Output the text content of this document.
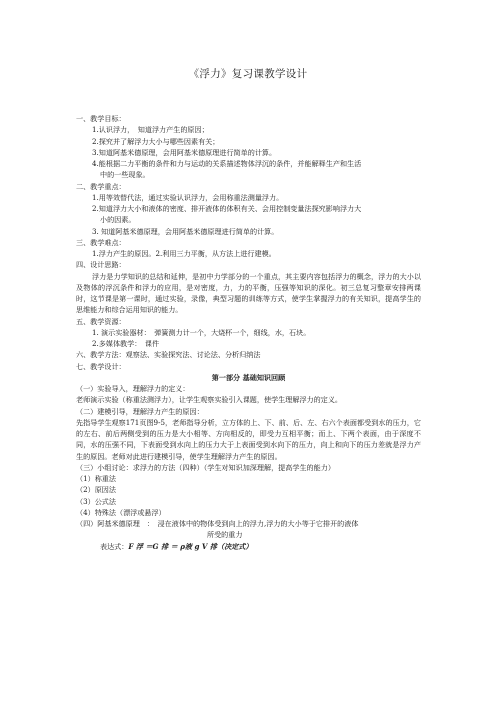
《浮力》复习课教学设计
一、教学目标：
1.认识浮力，　知道浮力产生的原因；
2.探究并了解浮力大小与哪些因素有关；
3.知道阿基米德原理，会用阿基米德原理进行简单的计算。
4.能根据二力平衡的条件和力与运动的关系描述物体浮沉的条件，并能解释生产和生活
中的一些现象。
二、教学重点：
1.用等效替代法，通过实验认识浮力，会用称重法测量浮力。
2.知道浮力大小和液体的密度、排开液体的体积有关、会用控制变量法探究影响浮力大
小的因素。
3. 知道阿基米德原理，会用阿基米德原理进行简单的计算。
三、教学难点：
1.浮力产生的原因。2.利用三力平衡，从方法上进行建模。
四、设计思路：
浮力是力学知识的总结和延伸，是初中力学部分的一个重点，其主要内容包括浮力的概念，浮力的大小以及物体的浮沉条件和浮力的应用，是对密度，力，力的平衡，压强等知识的深化。初三总复习整章安排两课时，这节课是第一课时，通过实验，录像，典型习题的训练等方式，使学生掌握浮力的有关知识，提高学生的思维能力和综合运用知识的能力。
五、教学资源：
1. 演示实验器材：　弹簧测力计一个，大烧杯一个，细线，水，石块。
2.多媒体教学：　课件
六、教学方法：观察法、实验探究法、讨论法、分析归纳法
七、教学设计：
第一部分 基础知识回顾
（一）实验导入，理解浮力的定义：
老师演示实验（称重法测浮力），让学生观察实验引入课题，使学生理解浮力的定义。
（二）建模引导，理解浮力产生的原因：
先指导学生观察171页图9-5，老师指导分析，立方体的上、下、前、后、左、右六个表面都受到水的压力，它的左右、前后两侧受到的压力是大小相等、方向相反的，即受力互相平衡；而上、下两个表面，由于深度不同，水的压强不同，下表面受到水向上的压力大于上表面受到水向下的压力，向上和向下的压力差就是浮力产生的原因。老师对此进行建模引导，使学生理解浮力产生的原因。
（三）小组讨论：求浮力的方法（四种）（学生对知识加深理解，提高学生的能力）
（1）称重法
（2）原因法
（3）公式法
（4）特殊法（漂浮或悬浮）
（四）阿基米德原理　：　浸在液体中的物体受到向上的浮力,浮力的大小等于它排开的液体
所受的重力
表达式：F 浮 ＝G 排 ＝ ρ液 g V 排（决定式）
